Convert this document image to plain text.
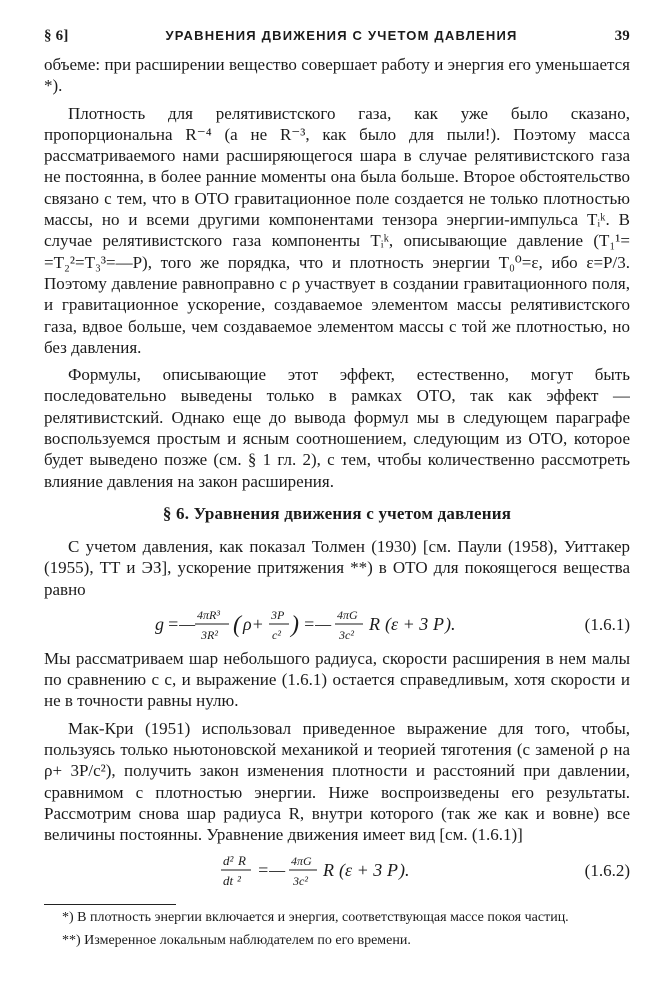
§ 6]	УРАВНЕНИЯ ДВИЖЕНИЯ С УЧЕТОМ ДАВЛЕНИЯ	39

объеме: при расширении вещество совершает работу и энергия его уменьшается *).

Плотность для релятивистского газа, как уже было сказано, пропорциональна R⁻⁴ (а не R⁻³, как было для пыли!). Поэтому масса рассматриваемого нами расширяющегося шара в случае релятивистского газа не постоянна, в более ранние моменты она была больше. Второе обстоятельство связано с тем, что в ОТО гравитационное поле создается не только плотностью массы, но и всеми другими компонентами тензора энергии-импульса Tᵢᵏ. В случае релятивистского газа компоненты Tᵢᵏ, описывающие давление (T₁¹= =T₂²=T₃³=—P), того же порядка, что и плотность энергии T₀⁰=ε, ибо ε=P/3. Поэтому давление равноправно с ρ участвует в создании гравитационного поля, и гравитационное ускорение, создаваемое элементом массы релятивистского газа, вдвое больше, чем создаваемое элементом массы с той же плотностью, но без давления.

Формулы, описывающие этот эффект, естественно, могут быть последовательно выведены только в рамках ОТО, так как эффект — релятивистский. Однако еще до вывода формул мы в следующем параграфе воспользуемся простым и ясным соотношением, следующим из ОТО, которое будет выведено позже (см. § 1 гл. 2), с тем, чтобы количественно рассмотреть влияние давления на закон расширения.

§ 6. Уравнения движения с учетом давления

С учетом давления, как показал Толмен (1930) [см. Паули (1958), Уиттакер (1955), ТТ и ЭЗ], ускорение притяжения **) в ОТО для покоящегося вещества равно

g =— 4πR³
3R² ( ρ+ 3P
c² ) =— 4πG
3c²
R (ε + 3 P ).	(1.6.1)

Мы рассматриваем шар небольшого радиуса, скорости расширения в нем малы по сравнению с c, и выражение (1.6.1) остается справедливым, хотя скорости и не в точности равны нулю.

Мак-Кри (1951) использовал приведенное выражение для того, чтобы, пользуясь только ньютоновской механикой и теорией тяготения (с заменой ρ на ρ+ 3P/c²), получить закон изменения плотности и расстояний при давлении, сравнимом с плотностью энергии. Ниже воспроизведены его результаты. Рассмотрим снова шар радиуса R, внутри которого (так же как и вовне) все величины постоянны. Уравнение движения имеет вид [см. (1.6.1)]

d² R
dt ²
=— 4πG
3c²
R (ε + 3 P ).	(1.6.2)

*) В плотность энергии включается и энергия, соответствующая массе покоя частиц.

**) Измеренное локальным наблюдателем по его времени.
